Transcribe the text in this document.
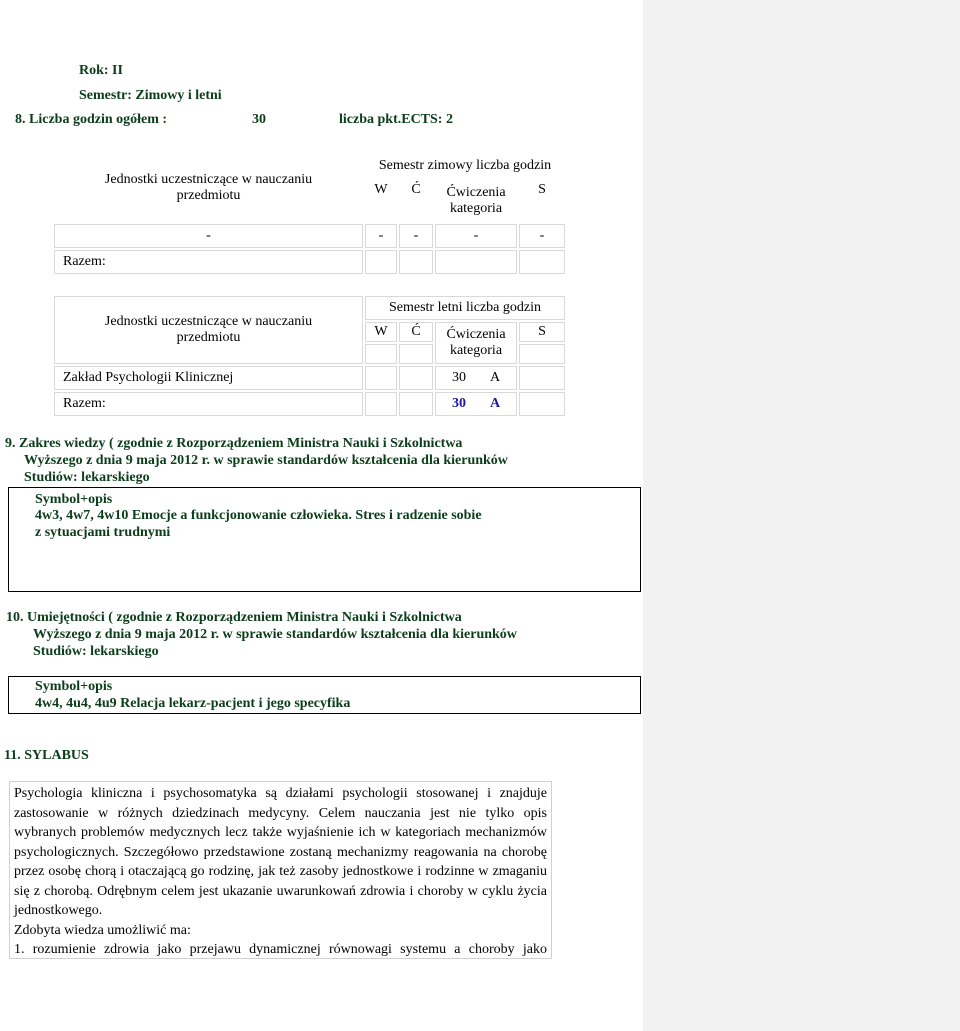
Rok: II
Semestr: Zimowy i letni
8. Liczba godzin ogółem :	30	liczba pkt.ECTS: 2
Jednostki uczestniczące w nauczaniu
przedmiotu	Semestr zimowy liczba godzin			
	W	Ć	Ćwiczenia
kategoria	S

-	-	-	-	-
Razem:				
Jednostki uczestniczące w nauczaniu
przedmiotu	Semestr letni liczba godzin			
	W	Ć	Ćwiczenia
kategoria	S

Zakład Psychologii Klinicznej			30 A	
Razem:			30 A	
9. Zakres wiedzy ( zgodnie z Rozporządzeniem Ministra Nauki i Szkolnictwa
Wyższego z dnia 9 maja 2012 r. w sprawie standardów kształcenia dla kierunków
Studiów: lekarskiego
Symbol+opis
4w3, 4w7, 4w10 Emocje a funkcjonowanie człowieka. Stres i radzenie sobie
z sytuacjami trudnymi
10. Umiejętności ( zgodnie z Rozporządzeniem Ministra Nauki i Szkolnictwa
Wyższego z dnia 9 maja 2012 r. w sprawie standardów kształcenia dla kierunków
Studiów: lekarskiego
Symbol+opis
4w4, 4u4, 4u9 Relacja lekarz-pacjent i jego specyfika
11. SYLABUS

Psychologia kliniczna i psychosomatyka są działami psychologii stosowanej i znajduje zastosowanie w różnych dziedzinach medycyny. Celem nauczania jest nie tylko opis wybranych problemów medycznych lecz także wyjaśnienie ich w kategoriach mechanizmów psychologicznych. Szczegółowo przedstawione zostaną mechanizmy reagowania na chorobę przez osobę chorą i otaczającą go rodzinę, jak też zasoby jednostkowe i rodzinne w zmaganiu się z chorobą. Odrębnym celem jest ukazanie uwarunkowań zdrowia i choroby w cyklu życia jednostkowego.

Zdobyta wiedza umożliwić ma:

1. rozumienie zdrowia jako przejawu dynamicznej równowagi systemu a choroby jako
